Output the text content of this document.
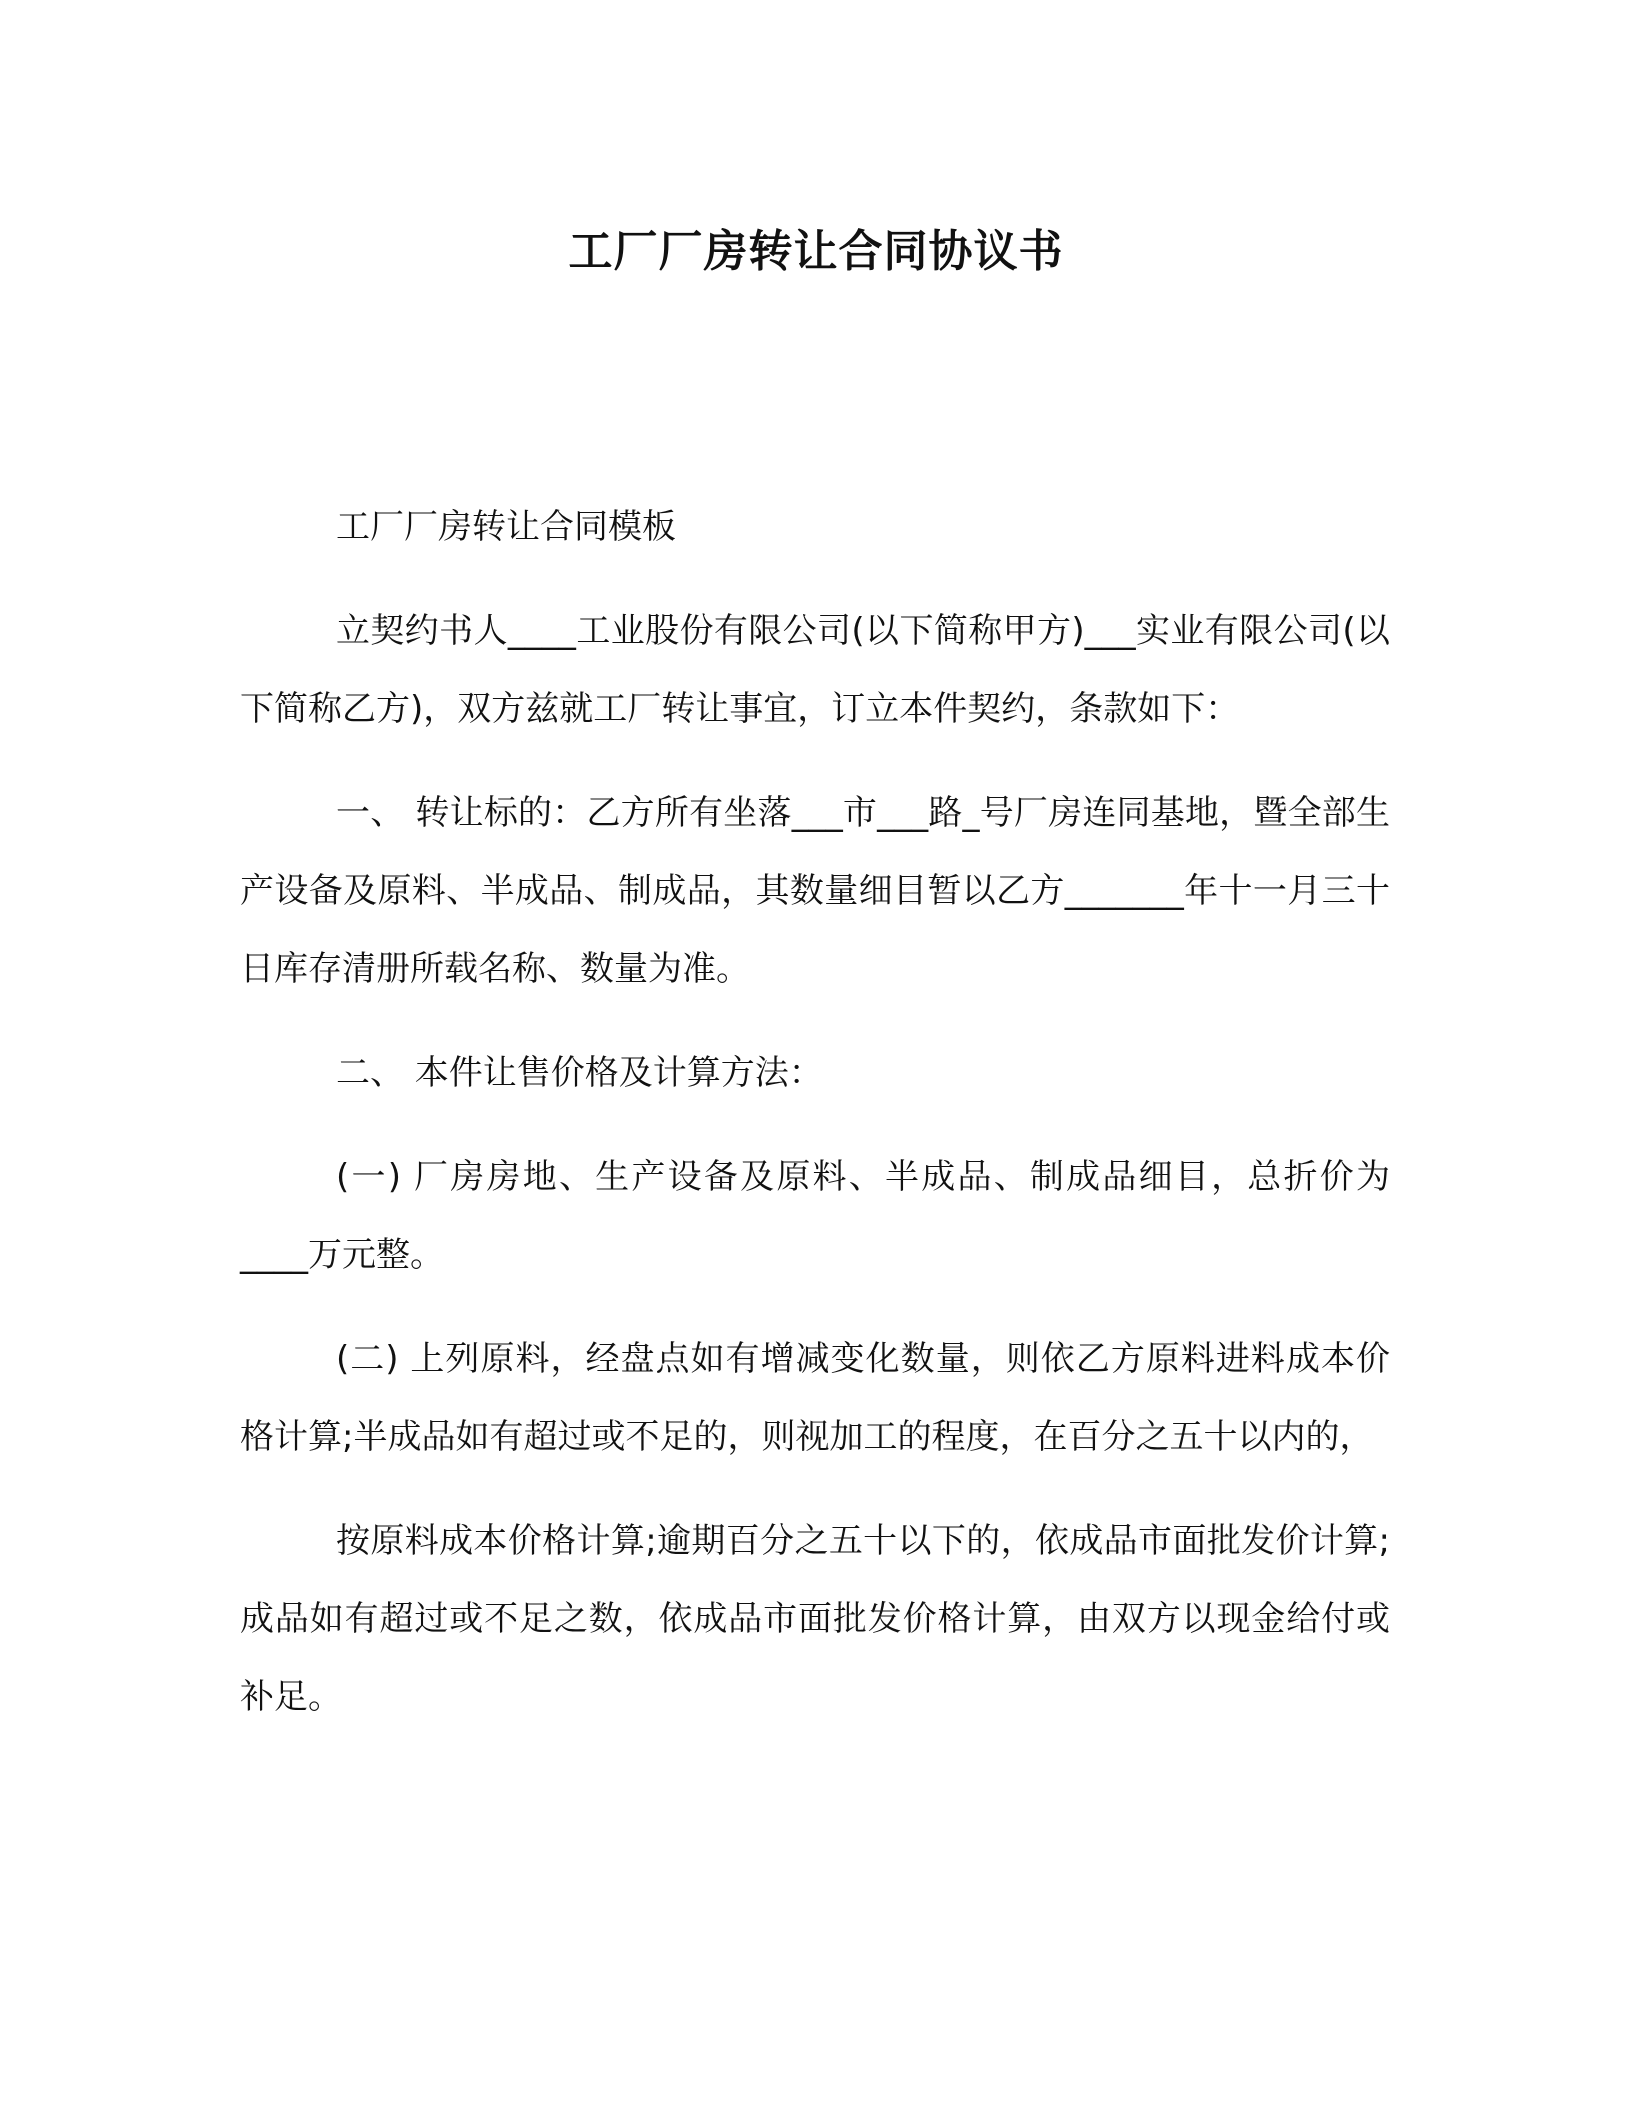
工厂厂房转让合同协议书

工厂厂房转让合同模板

立契约书人____工业股份有限公司(以下简称甲方)___实业有限公司(以下简称乙方)，双方兹就工厂转让事宜，订立本件契约，条款如下：

一、 转让标的：乙方所有坐落___市___路_号厂房连同基地，暨全部生产设备及原料、半成品、制成品，其数量细目暂以乙方_______年十一月三十日库存清册所载名称、数量为准。

二、 本件让售价格及计算方法：

(一) 厂房房地、生产设备及原料、半成品、制成品细目，总折价为____万元整。

(二) 上列原料，经盘点如有增减变化数量，则依乙方原料进料成本价格计算;半成品如有超过或不足的，则视加工的程度，在百分之五十以内的，

按原料成本价格计算;逾期百分之五十以下的，依成品市面批发价计算;成品如有超过或不足之数，依成品市面批发价格计算，由双方以现金给付或补足。
